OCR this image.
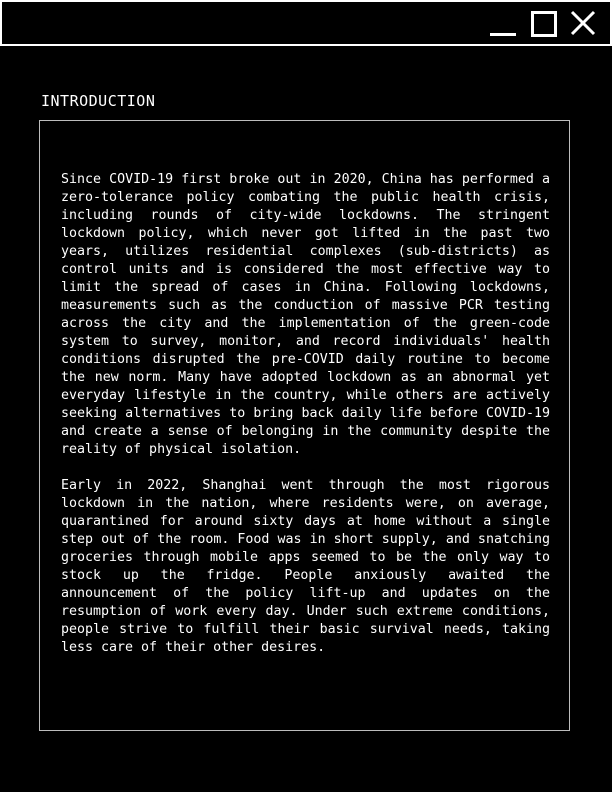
INTRODUCTION

Since COVID-19 first broke out in 2020, China has performed a zero-tolerance policy combating the public health crisis, including rounds of city-wide lockdowns. The stringent lockdown policy, which never got lifted in the past two years, utilizes residential complexes (sub-districts) as control units and is considered the most effective way to limit the spread of cases in China. Following lockdowns, measurements such as the conduction of massive PCR testing across the city and the implementation of the green-code system to survey, monitor, and record individuals' health conditions disrupted the pre-COVID daily routine to become the new norm. Many have adopted lockdown as an abnormal yet everyday lifestyle in the country, while others are actively seeking alternatives to bring back daily life before COVID-19 and create a sense of belonging in the community despite the reality of physical isolation.

Early in 2022, Shanghai went through the most rigorous lockdown in the nation, where residents were, on average, quarantined for around sixty days at home without a single step out of the room. Food was in short supply, and snatching groceries through mobile apps seemed to be the only way to stock up the fridge. People anxiously awaited the announcement of the policy lift-up and updates on the resumption of work every day. Under such extreme conditions, people strive to fulfill their basic survival needs, taking less care of their other desires.
